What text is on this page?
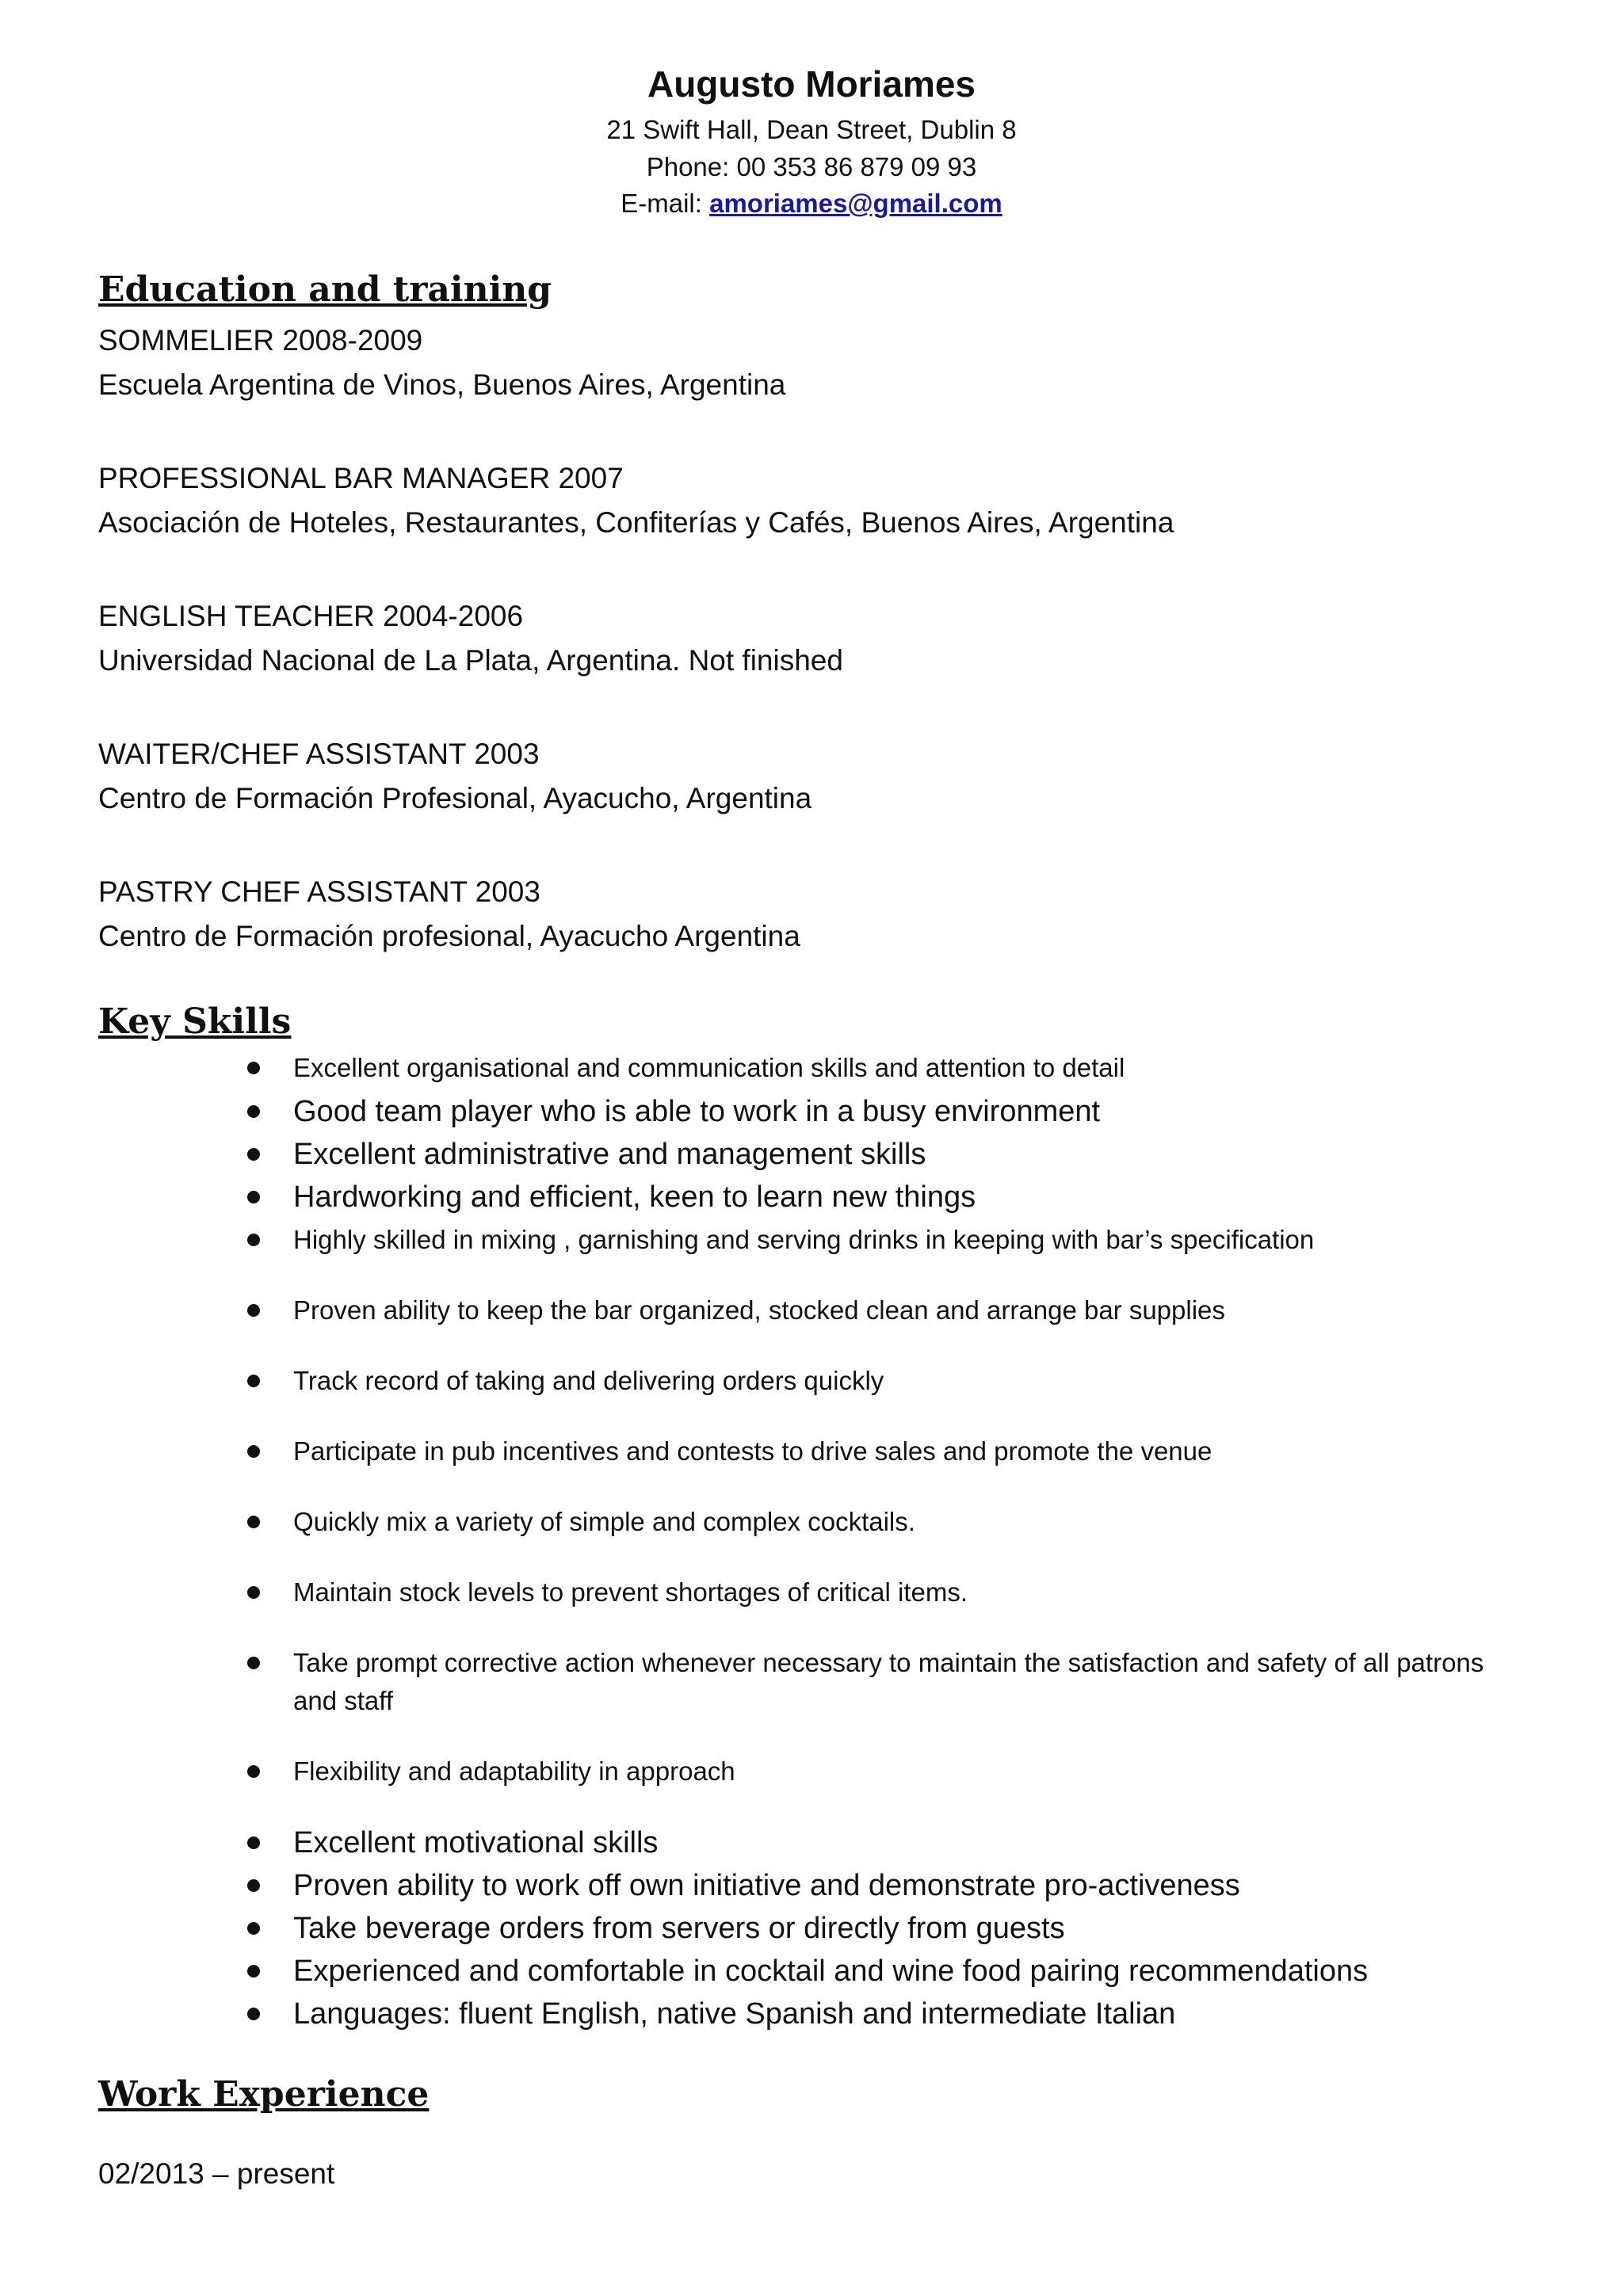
Augusto Moriames
21 Swift Hall, Dean Street, Dublin 8
Phone: 00 353 86 879 09 93
E-mail: amoriames@gmail.com
Education and training
SOMMELIER 2008-2009
Escuela Argentina de Vinos, Buenos Aires, Argentina
PROFESSIONAL BAR MANAGER 2007
Asociación de Hoteles, Restaurantes, Confiterías y Cafés, Buenos Aires, Argentina
ENGLISH TEACHER 2004-2006
Universidad Nacional de La Plata, Argentina. Not finished
WAITER/CHEF ASSISTANT 2003
Centro de Formación Profesional, Ayacucho, Argentina
PASTRY CHEF ASSISTANT 2003
Centro de Formación profesional, Ayacucho Argentina
Key Skills
Excellent organisational and communication skills and attention to detail
Good team player who is able to work in a busy environment
Excellent administrative and management skills
Hardworking and efficient, keen to learn new things
Highly skilled in mixing , garnishing and serving drinks in keeping with bar’s specification
Proven ability to keep the bar organized, stocked clean and arrange bar supplies
Track record of taking and delivering orders quickly
Participate in pub incentives and contests to drive sales and promote the venue
Quickly mix a variety of simple and complex cocktails.
Maintain stock levels to prevent shortages of critical items.
Take prompt corrective action whenever necessary to maintain the satisfaction and safety of all patrons and staff
Flexibility and adaptability in approach
Excellent motivational skills
Proven ability to work off own initiative and demonstrate pro-activeness
Take beverage orders from servers or directly from guests
Experienced and comfortable in cocktail and wine food pairing recommendations
Languages: fluent English, native Spanish and intermediate Italian
Work Experience
02/2013 – present
